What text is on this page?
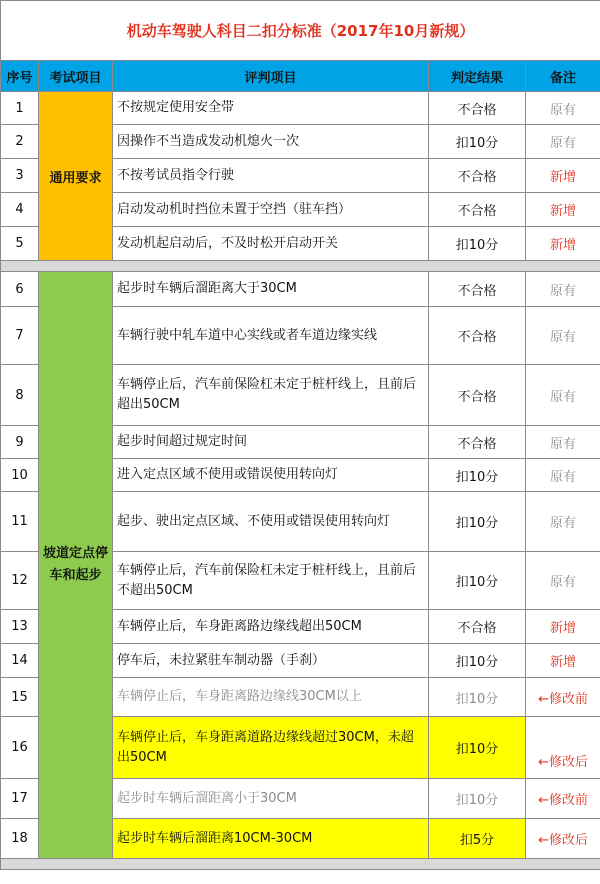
机动车驾驶人科目二扣分标准（2017年10月新规）				
序号	考试项目	评判项目	判定结果	备注
1	通用要求	不按规定使用安全带	不合格	原有
2		因操作不当造成发动机熄火一次	扣10分	原有
3		不按考试员指令行驶	不合格	新增
4		启动发动机时挡位未置于空挡（驻车挡）	不合格	新增
5		发动机起启动后，不及时松开启动开关	扣10分	新增

6	坡道定点停车和起步	起步时车辆后溜距离大于30CM	不合格	原有
7		车辆行驶中轧车道中心实线或者车道边缘实线	不合格	原有
8		车辆停止后，汽车前保险杠未定于桩杆线上，且前后超出50CM	不合格	原有
9		起步时间超过规定时间	不合格	原有
10		进入定点区域不使用或错误使用转向灯	扣10分	原有
11		起步、驶出定点区域、不使用或错误使用转向灯	扣10分	原有
12		车辆停止后，汽车前保险杠未定于桩杆线上，且前后不超出50CM	扣10分	原有
13		车辆停止后，车身距离路边缘线超出50CM	不合格	新增
14		停车后，未拉紧驻车制动器（手刹）	扣10分	新增
15		车辆停止后，车身距离路边缘线30CM以上	扣10分	←修改前
16		车辆停止后，车身距离道路边缘线超过30CM，未超出50CM	扣10分	←修改后
17		起步时车辆后溜距离小于30CM	扣10分	←修改前
18		起步时车辆后溜距离10CM-30CM	扣5分	←修改后
